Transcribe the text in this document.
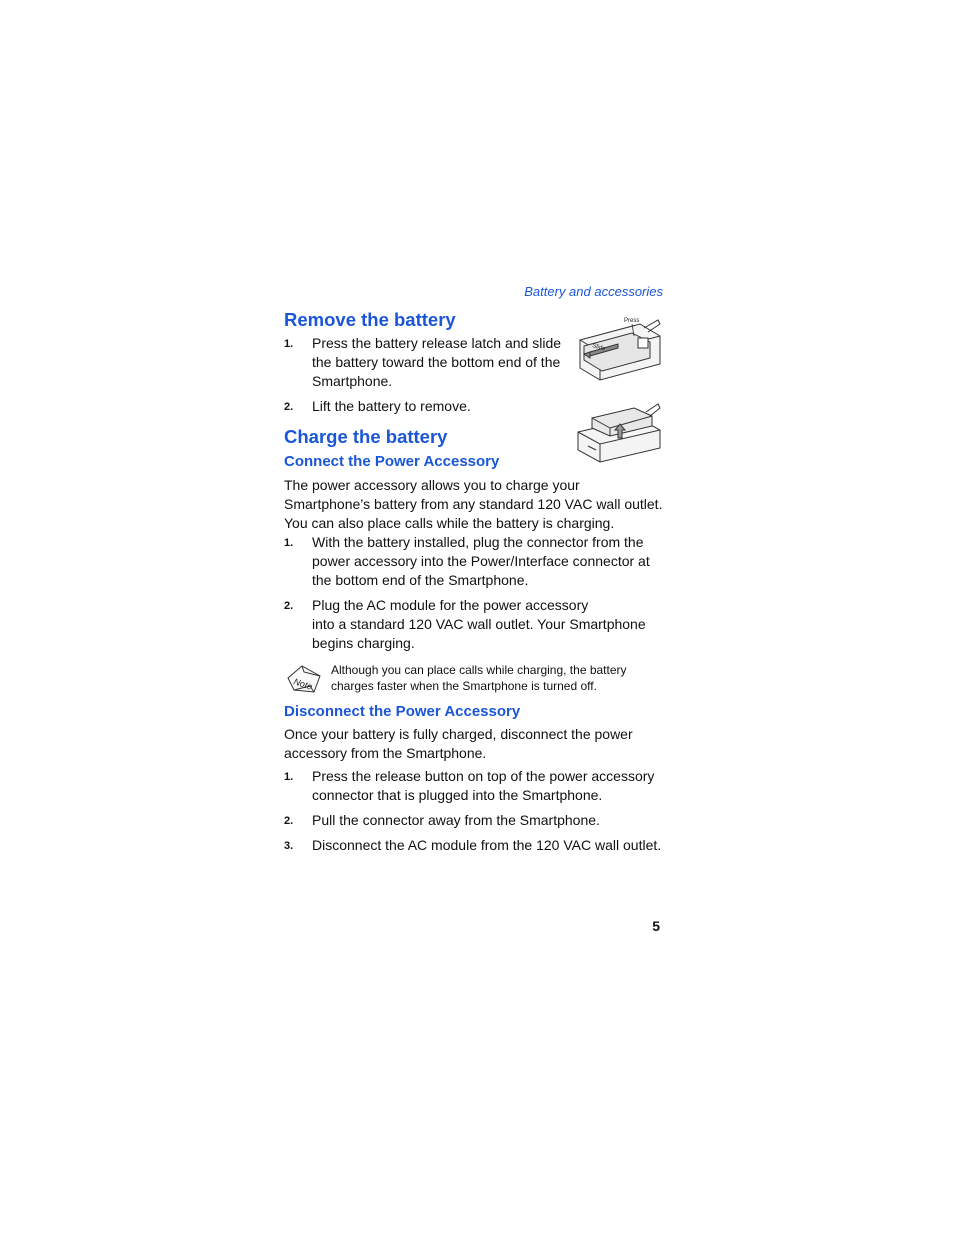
Battery and accessories
Remove the battery
1. Press the battery release latch and slide
the battery toward the bottom end of the
Smartphone.
2. Lift the battery to remove.
Press
Slide
Charge the battery
Connect the Power Accessory
The power accessory allows you to charge your
Smartphone’s battery from any standard 120 VAC wall outlet.
You can also place calls while the battery is charging.
1. With the battery installed, plug the connector from the
power accessory into the Power/Interface connector at
the bottom end of the Smartphone.
2. Plug the AC module for the power accessory
into a standard 120 VAC wall outlet. Your Smartphone
begins charging.
Note
Although you can place calls while charging, the battery
charges faster when the Smartphone is turned off.
Disconnect the Power Accessory
Once your battery is fully charged, disconnect the power
accessory from the Smartphone.
1. Press the release button on top of the power accessory
connector that is plugged into the Smartphone.
2. Pull the connector away from the Smartphone.
3. Disconnect the AC module from the 120 VAC wall outlet.
5
